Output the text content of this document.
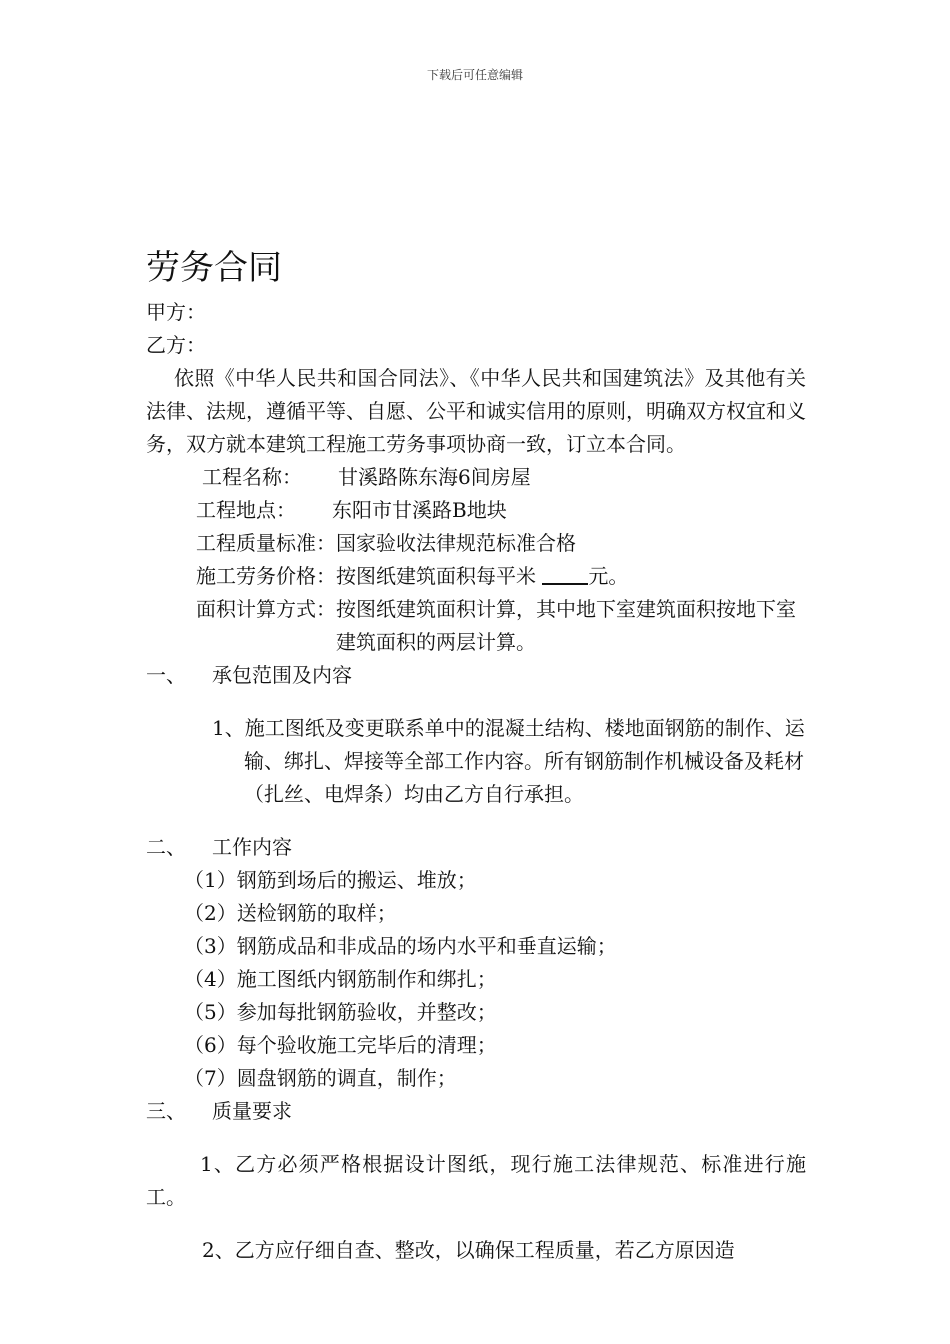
下载后可任意编辑
劳务合同

甲方：

乙方：

依照《中华人民共和国合同法》、《中华人民共和国建筑法》及其他有关法律、法规，遵循平等、自愿、公平和诚实信用的原则，明确双方权宜和义务，双方就本建筑工程施工劳务事项协商一致，订立本合同。

工程名称：	甘溪路陈东海6间房屋
工程地点：	东阳市甘溪路B地块
工程质量标准： 国家验收法律规范标准合格
施工劳务价格： 按图纸建筑面积每平米	元。
面积计算方式： 按图纸建筑面积计算，其中地下室建筑面积按地下室建筑面积的两层计算。
一、	承包范围及内容

1、施工图纸及变更联系单中的混凝土结构、楼地面钢筋的制作、运输、绑扎、焊接等全部工作内容。所有钢筋制作机械设备及耗材（扎丝、电焊条）均由乙方自行承担。

二、	工作内容
（1）钢筋到场后的搬运、堆放；
（2）送检钢筋的取样；
（3）钢筋成品和非成品的场内水平和垂直运输；
（4）施工图纸内钢筋制作和绑扎；
（5）参加每批钢筋验收，并整改；
（6）每个验收施工完毕后的清理；
（7）圆盘钢筋的调直，制作；
三、	质量要求

1、乙方必须严格根据设计图纸，现行施工法律规范、标准进行施工。

2、乙方应仔细自查、整改，以确保工程质量，若乙方原因造
